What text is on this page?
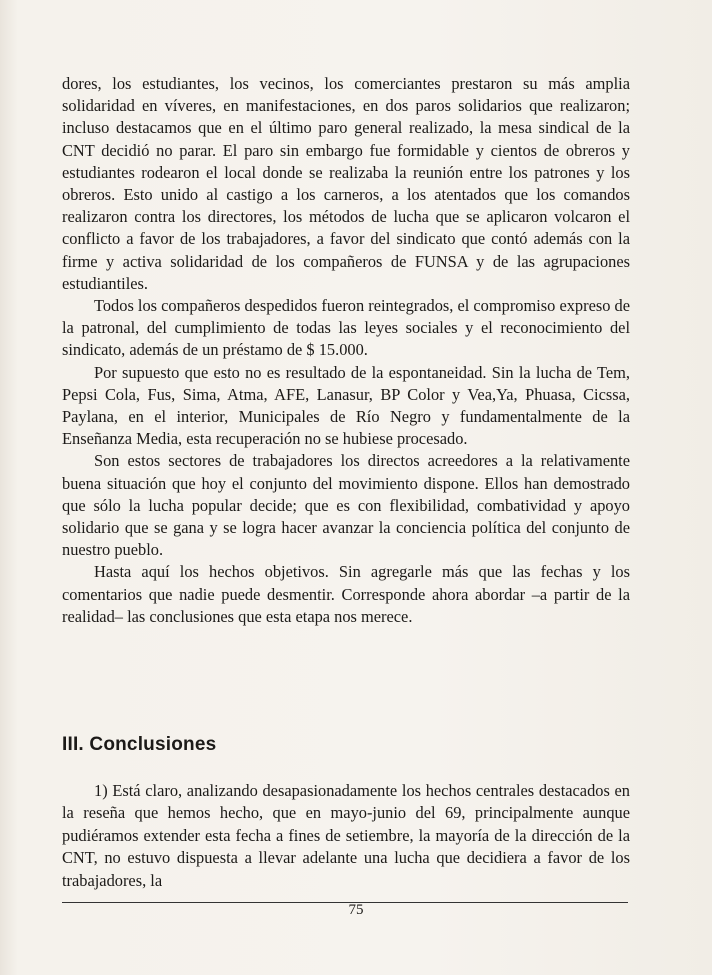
dores, los estudiantes, los vecinos, los comerciantes prestaron su más amplia solidaridad en víveres, en manifestaciones, en dos paros solidarios que realizaron; incluso destacamos que en el último paro general realizado, la mesa sindical de la CNT decidió no parar. El paro sin embargo fue formidable y cientos de obreros y estudiantes rodearon el local donde se realizaba la reunión entre los patrones y los obreros. Esto unido al castigo a los carneros, a los atentados que los comandos realizaron contra los directores, los métodos de lucha que se aplicaron volcaron el conflicto a favor de los trabajadores, a favor del sindicato que contó además con la firme y activa solidaridad de los compañeros de FUNSA y de las agrupaciones estudiantiles.

Todos los compañeros despedidos fueron reintegrados, el compromiso expreso de la patronal, del cumplimiento de todas las leyes sociales y el reconocimiento del sindicato, además de un préstamo de $ 15.000.

Por supuesto que esto no es resultado de la espontaneidad. Sin la lucha de Tem, Pepsi Cola, Fus, Sima, Atma, AFE, Lanasur, BP Color y Vea,Ya, Phuasa, Cicssa, Paylana, en el interior, Municipales de Río Negro y fundamentalmente de la Enseñanza Media, esta recuperación no se hubiese procesado.

Son estos sectores de trabajadores los directos acreedores a la relativamente buena situación que hoy el conjunto del movimiento dispone. Ellos han demostrado que sólo la lucha popular decide; que es con flexibilidad, combatividad y apoyo solidario que se gana y se logra hacer avanzar la conciencia política del conjunto de nuestro pueblo.

Hasta aquí los hechos objetivos. Sin agregarle más que las fechas y los comentarios que nadie puede desmentir. Corresponde ahora abordar –a partir de la realidad– las conclusiones que esta etapa nos merece.

III. Conclusiones

1) Está claro, analizando desapasionadamente los hechos centrales destacados en la reseña que hemos hecho, que en mayo-junio del 69, principalmente aunque pudiéramos extender esta fecha a fines de setiembre, la mayoría de la dirección de la CNT, no estuvo dispuesta a llevar adelante una lucha que decidiera a favor de los trabajadores, la

75
